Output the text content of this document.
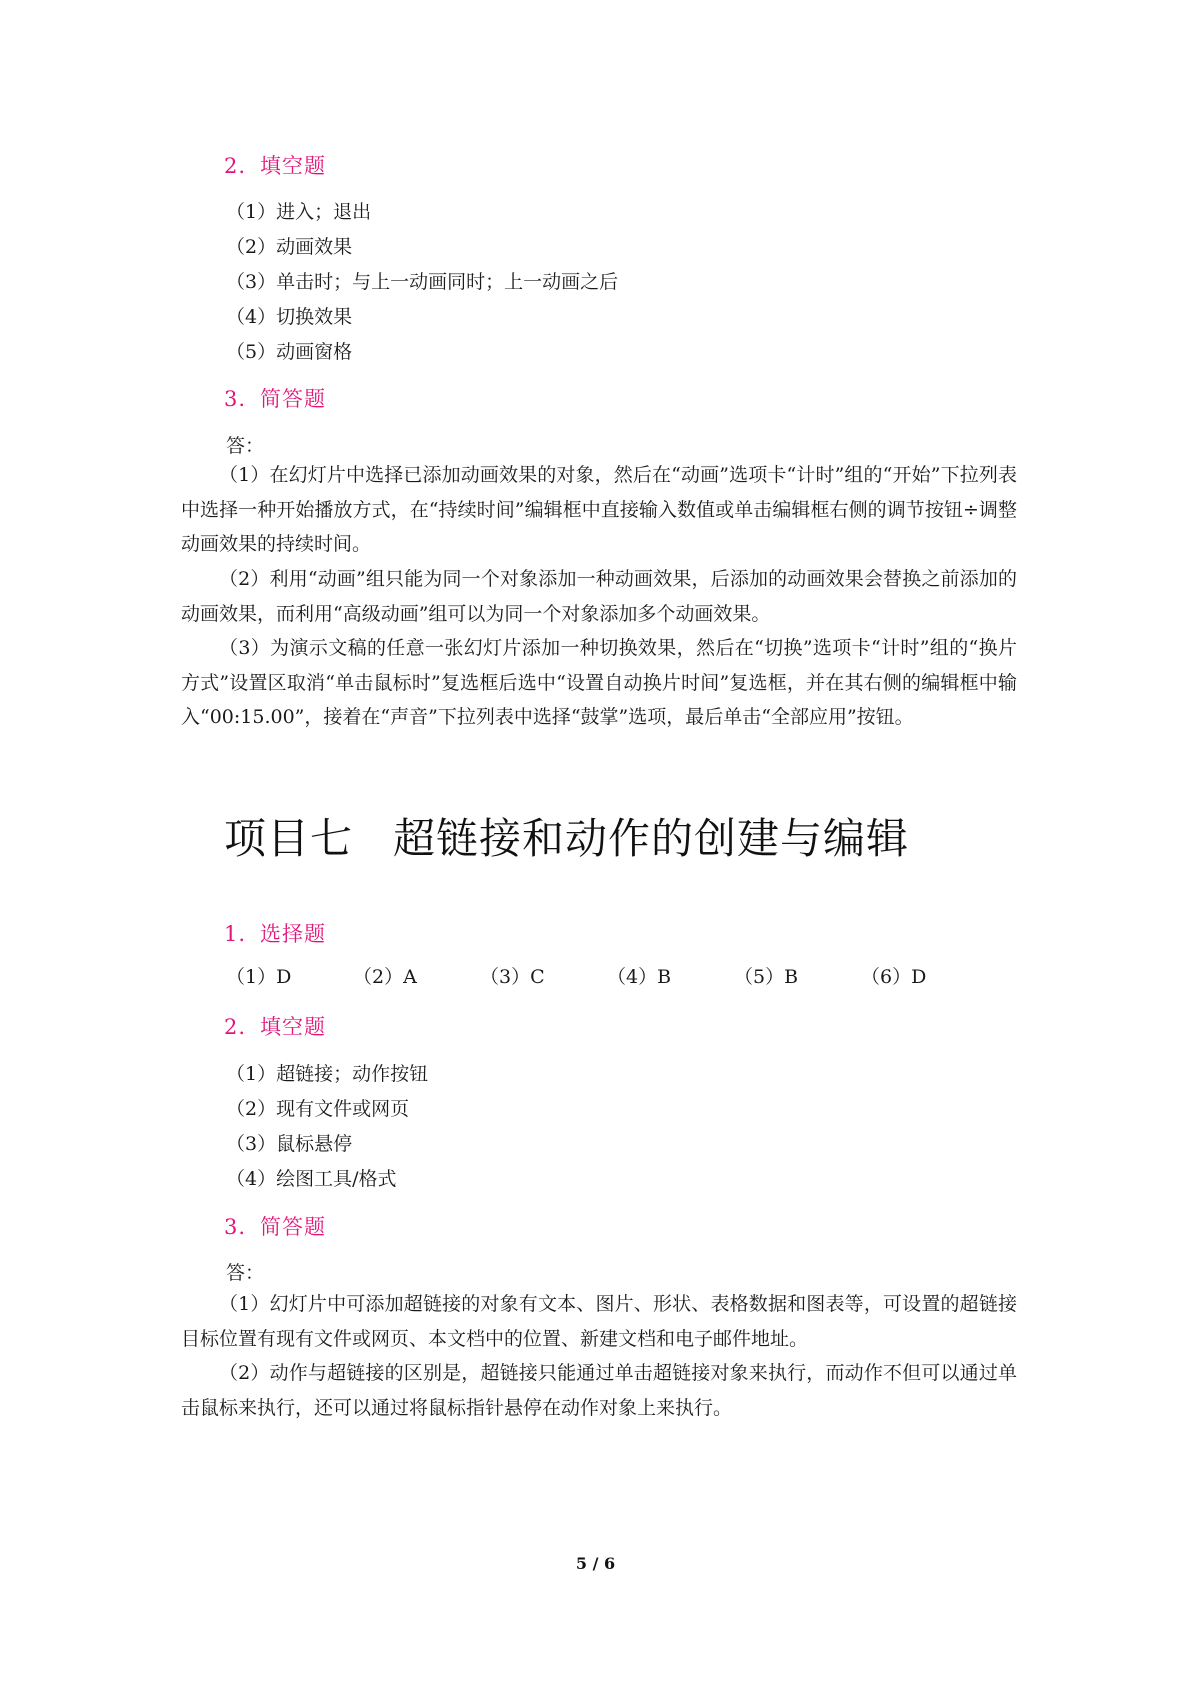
2. 填空题
（1）进入；退出
（2）动画效果
（3）单击时；与上一动画同时；上一动画之后
（4）切换效果
（5）动画窗格
3. 简答题
答：
（1）在幻灯片中选择已添加动画效果的对象，然后在“动画”选项卡“计时”组的“开始”下拉列表中选择一种开始播放方式，在“持续时间”编辑框中直接输入数值或单击编辑框右侧的调节按钮÷调整动画效果的持续时间。
（2）利用“动画”组只能为同一个对象添加一种动画效果，后添加的动画效果会替换之前添加的动画效果，而利用“高级动画”组可以为同一个对象添加多个动画效果。
（3）为演示文稿的任意一张幻灯片添加一种切换效果，然后在“切换”选项卡“计时”组的“换片方式”设置区取消“单击鼠标时”复选框后选中“设置自动换片时间”复选框，并在其右侧的编辑框中输入“00:15.00”，接着在“声音”下拉列表中选择“鼓掌”选项，最后单击“全部应用”按钮。
项目七 超链接和动作的创建与编辑
1. 选择题
（1）D	（2）A	（3）C	（4）B	（5）B	（6）D
2. 填空题
（1）超链接；动作按钮
（2）现有文件或网页
（3）鼠标悬停
（4）绘图工具/格式
3. 简答题
答：
（1）幻灯片中可添加超链接的对象有文本、图片、形状、表格数据和图表等，可设置的超链接目标位置有现有文件或网页、本文档中的位置、新建文档和电子邮件地址。
（2）动作与超链接的区别是，超链接只能通过单击超链接对象来执行，而动作不但可以通过单击鼠标来执行，还可以通过将鼠标指针悬停在动作对象上来执行。
5 / 6
